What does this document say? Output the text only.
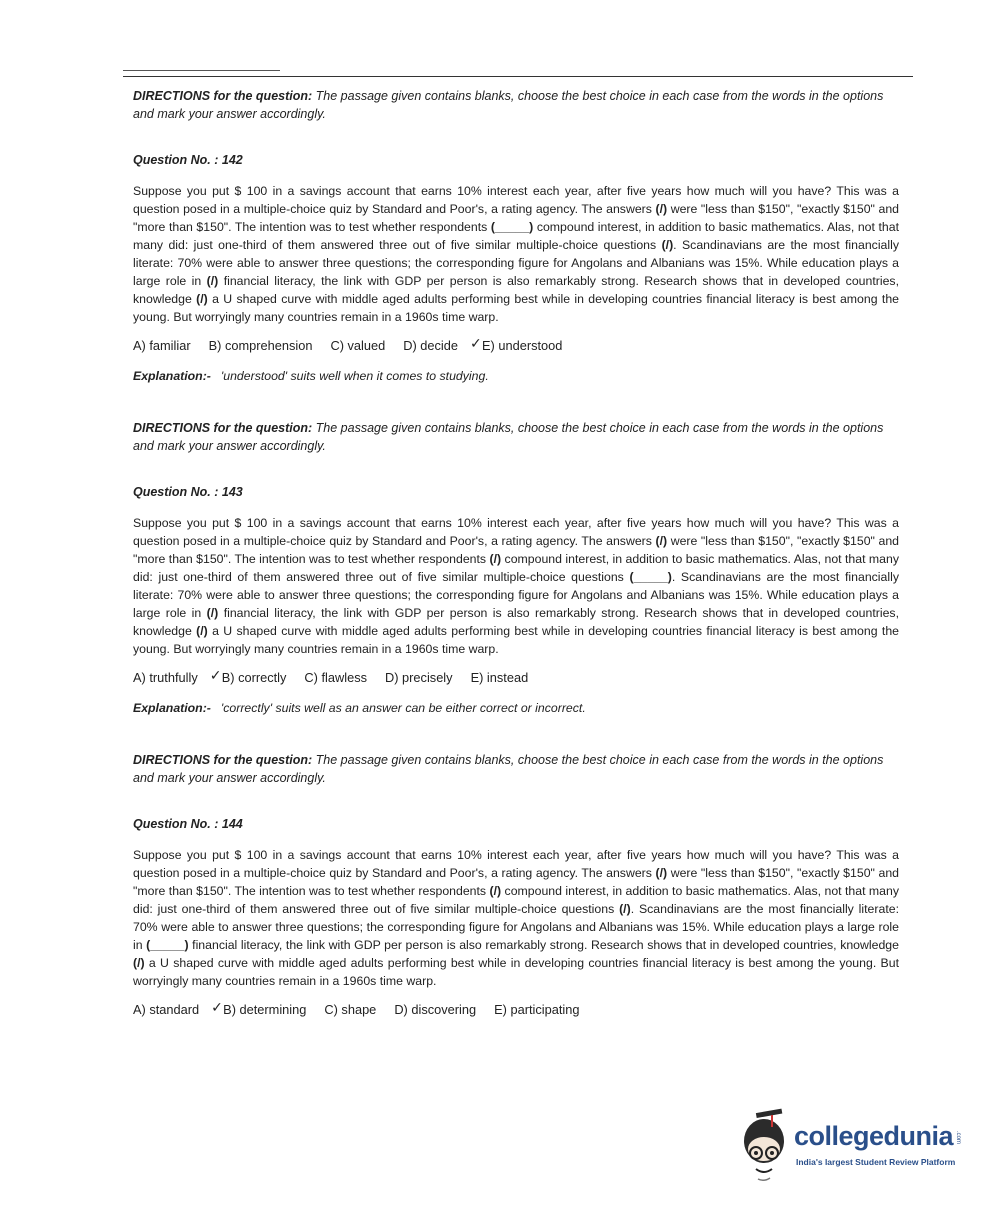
DIRECTIONS for the question: The passage given contains blanks, choose the best choice in each case from the words in the options and mark your answer accordingly.

Question No. : 142

Suppose you put $ 100 in a savings account that earns 10% interest each year, after five years how much will you have? This was a question posed in a multiple-choice quiz by Standard and Poor's, a rating agency. The answers (/) were "less than $150", "exactly $150" and "more than $150". The intention was to test whether respondents (_____) compound interest, in addition to basic mathematics. Alas, not that many did: just one-third of them answered three out of five similar multiple-choice questions (/). Scandinavians are the most financially literate: 70% were able to answer three questions; the corresponding figure for Angolans and Albanians was 15%. While education plays a large role in (/) financial literacy, the link with GDP per person is also remarkably strong. Research shows that in developed countries, knowledge (/) a U shaped curve with middle aged adults performing best while in developing countries financial literacy is best among the young. But worryingly many countries remain in a 1960s time warp.

A) familiar B) comprehension C) valued D) decide ✓ E) understood
Explanation:- 'understood' suits well when it comes to studying.

DIRECTIONS for the question: The passage given contains blanks, choose the best choice in each case from the words in the options and mark your answer accordingly.

Question No. : 143

Suppose you put $ 100 in a savings account that earns 10% interest each year, after five years how much will you have? This was a question posed in a multiple-choice quiz by Standard and Poor's, a rating agency. The answers (/) were "less than $150", "exactly $150" and "more than $150". The intention was to test whether respondents (/) compound interest, in addition to basic mathematics. Alas, not that many did: just one-third of them answered three out of five similar multiple-choice questions (_____). Scandinavians are the most financially literate: 70% were able to answer three questions; the corresponding figure for Angolans and Albanians was 15%. While education plays a large role in (/) financial literacy, the link with GDP per person is also remarkably strong. Research shows that in developed countries, knowledge (/) a U shaped curve with middle aged adults performing best while in developing countries financial literacy is best among the young. But worryingly many countries remain in a 1960s time warp.

A) truthfully ✓ B) correctly C) flawless D) precisely E) instead
Explanation:- 'correctly' suits well as an answer can be either correct or incorrect.

DIRECTIONS for the question: The passage given contains blanks, choose the best choice in each case from the words in the options and mark your answer accordingly.

Question No. : 144

Suppose you put $ 100 in a savings account that earns 10% interest each year, after five years how much will you have? This was a question posed in a multiple-choice quiz by Standard and Poor's, a rating agency. The answers (/) were "less than $150", "exactly $150" and "more than $150". The intention was to test whether respondents (/) compound interest, in addition to basic mathematics. Alas, not that many did: just one-third of them answered three out of five similar multiple-choice questions (/). Scandinavians are the most financially literate: 70% were able to answer three questions; the corresponding figure for Angolans and Albanians was 15%. While education plays a large role in (_____) financial literacy, the link with GDP per person is also remarkably strong. Research shows that in developed countries, knowledge (/) a U shaped curve with middle aged adults performing best while in developing countries financial literacy is best among the young. But worryingly many countries remain in a 1960s time warp.

A) standard ✓ B) determining C) shape D) discovering E) participating
collegedunia .com
India's largest Student Review Platform
